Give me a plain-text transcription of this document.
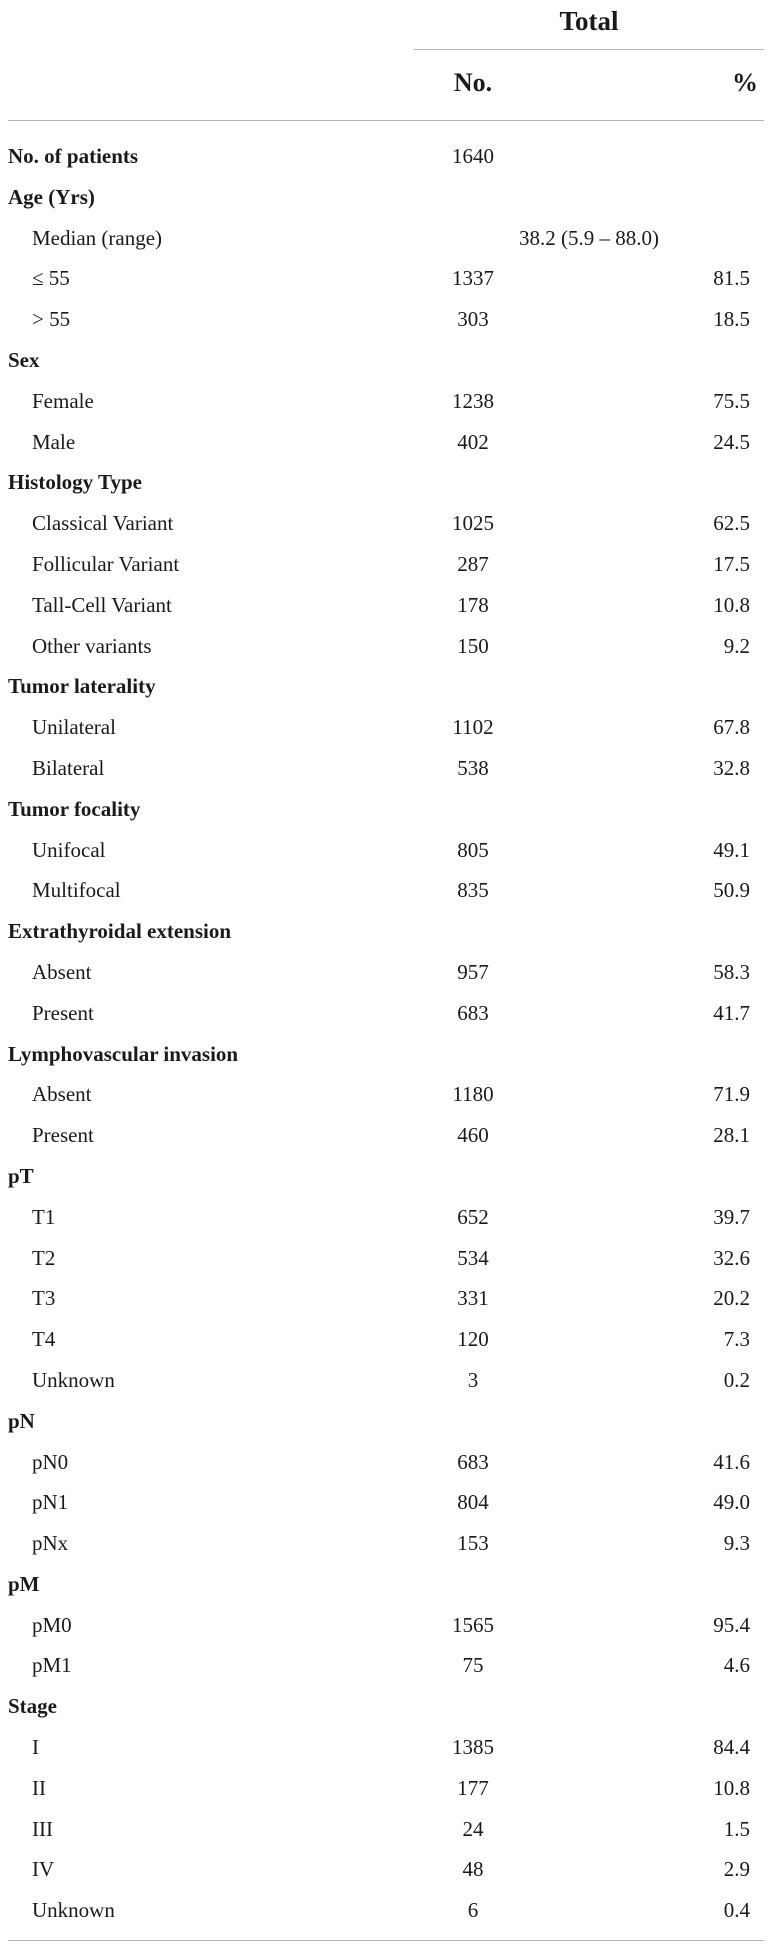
Total
No.	%
No. of patients	1640
Age (Yrs)
Median (range)	38.2 (5.9 – 88.0)
≤ 55	1337	81.5
> 55	303	18.5
Sex
Female	1238	75.5
Male	402	24.5
Histology Type
Classical Variant	1025	62.5
Follicular Variant	287	17.5
Tall-Cell Variant	178	10.8
Other variants	150	9.2
Tumor laterality
Unilateral	1102	67.8
Bilateral	538	32.8
Tumor focality
Unifocal	805	49.1
Multifocal	835	50.9
Extrathyroidal extension
Absent	957	58.3
Present	683	41.7
Lymphovascular invasion
Absent	1180	71.9
Present	460	28.1
pT
T1	652	39.7
T2	534	32.6
T3	331	20.2
T4	120	7.3
Unknown	3	0.2
pN
pN0	683	41.6
pN1	804	49.0
pNx	153	9.3
pM
pM0	1565	95.4
pM1	75	4.6
Stage
I	1385	84.4
II	177	10.8
III	24	1.5
IV	48	2.9
Unknown	6	0.4
